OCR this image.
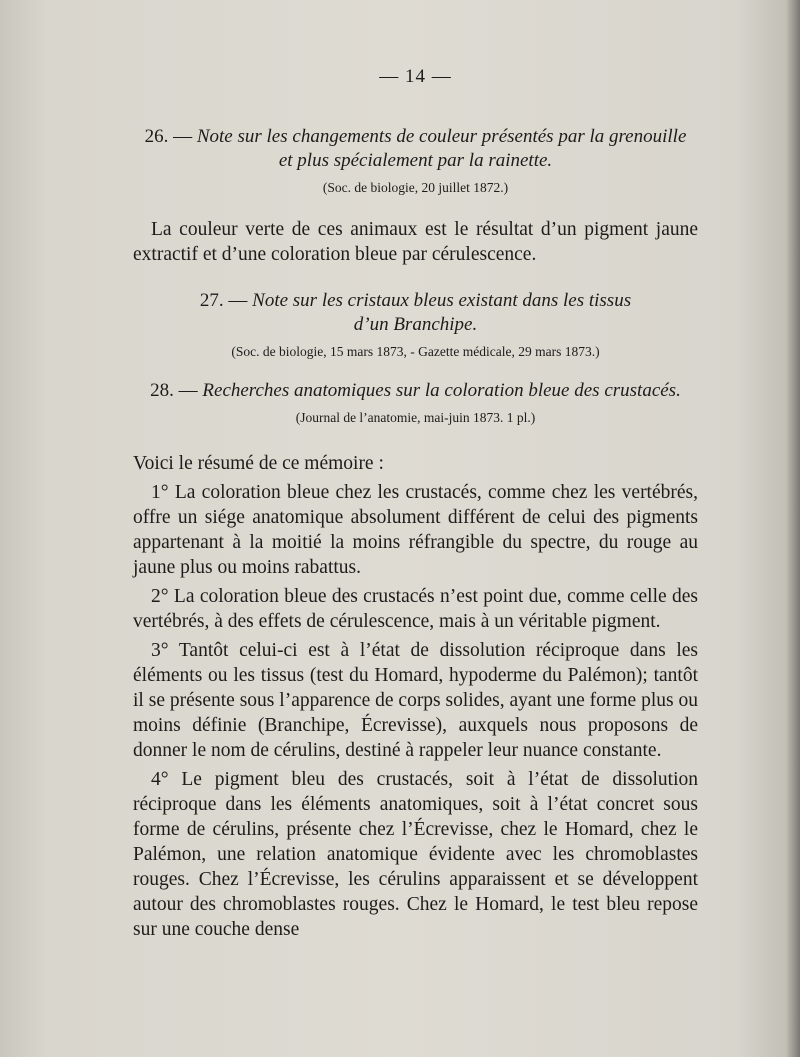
— 14 —

26. — Note sur les changements de couleur présentés par la grenouille
et plus spécialement par la rainette.

(Soc. de biologie, 20 juillet 1872.)

La couleur verte de ces animaux est le résultat d’un pigment jaune extractif et d’une coloration bleue par cérulescence.

27. — Note sur les cristaux bleus existant dans les tissus
d’un Branchipe.

(Soc. de biologie, 15 mars 1873, - Gazette médicale, 29 mars 1873.)

28. — Recherches anatomiques sur la coloration bleue des crustacés.

(Journal de l’anatomie, mai-juin 1873. 1 pl.)

Voici le résumé de ce mémoire :

1° La coloration bleue chez les crustacés, comme chez les vertébrés, offre un siége anatomique absolument différent de celui des pigments appartenant à la moitié la moins réfrangible du spectre, du rouge au jaune plus ou moins rabattus.

2° La coloration bleue des crustacés n’est point due, comme celle des vertébrés, à des effets de cérulescence, mais à un véritable pigment.

3° Tantôt celui-ci est à l’état de dissolution réciproque dans les éléments ou les tissus (test du Homard, hypoderme du Palémon); tantôt il se présente sous l’apparence de corps solides, ayant une forme plus ou moins définie (Branchipe, Écrevisse), auxquels nous proposons de donner le nom de cérulins, destiné à rappeler leur nuance constante.

4° Le pigment bleu des crustacés, soit à l’état de dissolution réciproque dans les éléments anatomiques, soit à l’état concret sous forme de cérulins, présente chez l’Écrevisse, chez le Homard, chez le Palémon, une relation anatomique évidente avec les chromoblastes rouges. Chez l’Écrevisse, les cérulins apparaissent et se développent autour des chromoblastes rouges. Chez le Homard, le test bleu repose sur une couche dense
